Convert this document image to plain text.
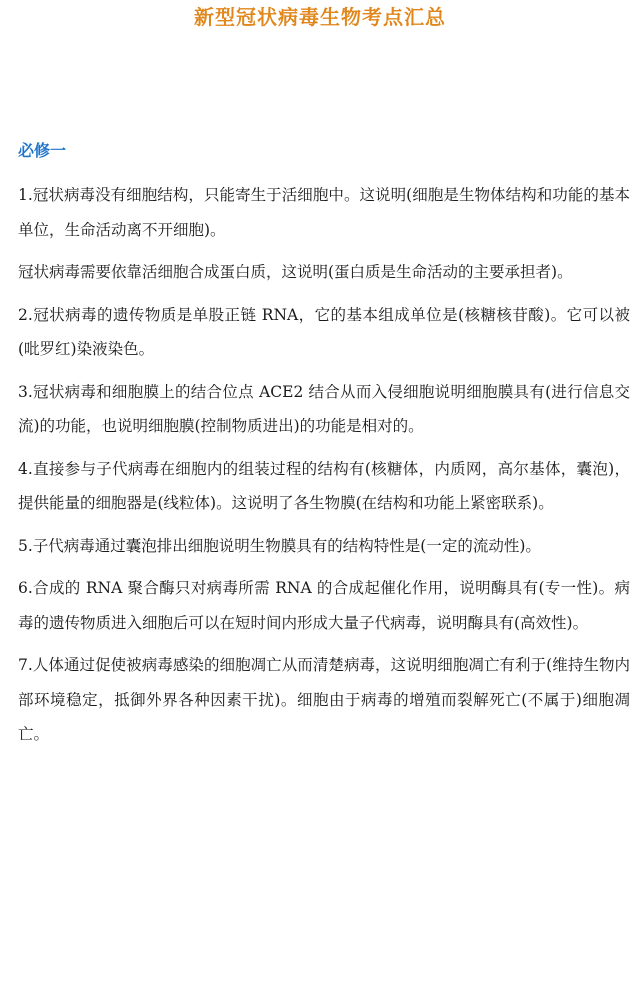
新型冠状病毒生物考点汇总
必修一

1.冠状病毒没有细胞结构，只能寄生于活细胞中。这说明(细胞是生物体结构和功能的基本单位，生命活动离不开细胞)。

冠状病毒需要依靠活细胞合成蛋白质，这说明(蛋白质是生命活动的主要承担者)。

2.冠状病毒的遗传物质是单股正链 RNA，它的基本组成单位是(核糖核苷酸)。它可以被(吡罗红)染液染色。

3.冠状病毒和细胞膜上的结合位点 ACE2 结合从而入侵细胞说明细胞膜具有(进行信息交流)的功能，也说明细胞膜(控制物质进出)的功能是相对的。

4.直接参与子代病毒在细胞内的组装过程的结构有(核糖体，内质网，高尔基体，囊泡)，提供能量的细胞器是(线粒体)。这说明了各生物膜(在结构和功能上紧密联系)。

5.子代病毒通过囊泡排出细胞说明生物膜具有的结构特性是(一定的流动性)。

6.合成的 RNA 聚合酶只对病毒所需 RNA 的合成起催化作用，说明酶具有(专一性)。病毒的遗传物质进入细胞后可以在短时间内形成大量子代病毒，说明酶具有(高效性)。

7.人体通过促使被病毒感染的细胞凋亡从而清楚病毒，这说明细胞凋亡有利于(维持生物内部环境稳定，抵御外界各种因素干扰)。细胞由于病毒的增殖而裂解死亡(不属于)细胞凋亡。
